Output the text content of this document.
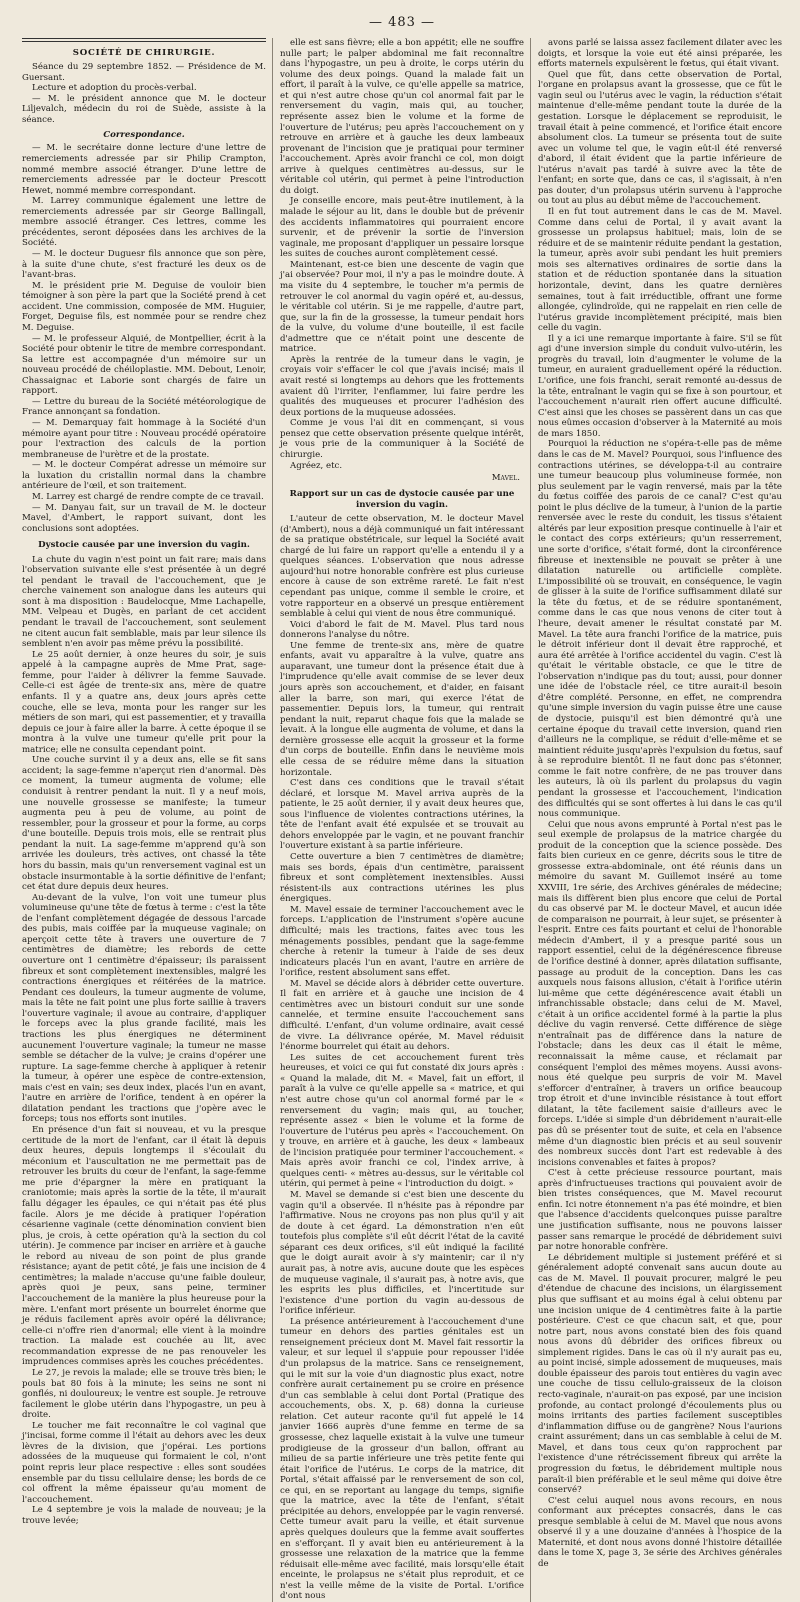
— 483 —
SOCIÉTÉ DE CHIRURGIE.

Séance du 29 septembre 1852. — Présidence de M. Guersant.

Lecture et adoption du procès-verbal.

— M. le président annonce que M. le docteur Liljevalch, médecin du roi de Suède, assiste à la séance.

Correspondance.

— M. le secrétaire donne lecture d'une lettre de remerciements adressée par sir Philip Crampton, nommé membre associé étranger. D'une lettre de remerciements adressée par le docteur Prescott Hewet, nommé membre correspondant.

M. Larrey communique également une lettre de remerciements adressée par sir George Ballingall, membre associé étranger. Ces lettres, comme les précédentes, seront déposées dans les archives de la Société.

— M. le docteur Duguesr fils annonce que son père, à la suite d'une chute, s'est fracturé les deux os de l'avant-bras.

M. le président prie M. Deguise de vouloir bien témoigner à son père la part que la Société prend à cet accident. Une commission, composée de MM. Huguier, Forget, Deguise fils, est nommée pour se rendre chez M. Deguise.

— M. le professeur Alquié, de Montpellier, écrit à la Société pour obtenir le titre de membre correspondant. Sa lettre est accompagnée d'un mémoire sur un nouveau procédé de chéiloplastie. MM. Debout, Lenoir, Chassaignac et Laborie sont chargés de faire un rapport.

— Lettre du bureau de la Société météorologique de France annonçant sa fondation.

— M. Demarquay fait hommage à la Société d'un mémoire ayant pour titre : Nouveau procédé opératoire pour l'extraction des calculs de la portion membraneuse de l'urètre et de la prostate.

— M. le docteur Compérat adresse un mémoire sur la luxation du cristallin normal dans la chambre antérieure de l'œil, et son traitement.

M. Larrey est chargé de rendre compte de ce travail.

— M. Danyau fait, sur un travail de M. le docteur Mavel, d'Ambert, le rapport suivant, dont les conclusions sont adoptées.

Dystocie causée par une inversion du vagin.

La chute du vagin n'est point un fait rare; mais dans l'observation suivante elle s'est présentée à un degré tel pendant le travail de l'accouchement, que je cherche vainement son analogue dans les auteurs qui sont à ma disposition : Baudelocque, Mme Lachapelle, MM. Velpeau et Dugès, en parlant de cet accident pendant le travail de l'accouchement, sont seulement ne citent aucun fait semblable, mais par leur silence ils semblent n'en avoir pas même prévu la possibilité.

Le 25 août dernier, à onze heures du soir, je suis appelé à la campagne auprès de Mme Prat, sage-femme, pour l'aider à délivrer la femme Sauvade. Celle-ci est âgée de trente-six ans, mère de quatre enfants. Il y a quatre ans, deux jours après cette couche, elle se leva, monta pour les ranger sur les métiers de son mari, qui est passementier, et y travailla depuis ce jour à faire aller la barre. À cette époque il se montra à la vulve une tumeur qu'elle prit pour la matrice; elle ne consulta cependant point.

Une couche survint il y a deux ans, elle se fit sans accident; la sage-femme n'aperçut rien d'anormal. Dès ce moment, la tumeur augmenta de volume; elle conduisit à rentrer pendant la nuit. Il y a neuf mois, une nouvelle grossesse se manifeste; la tumeur augmenta peu à peu de volume, au point de ressembler, pour la grosseur et pour la forme, au corps d'une bouteille. Depuis trois mois, elle se rentrait plus pendant la nuit. La sage-femme m'apprend qu'à son arrivée les douleurs, très actives, ont chassé la tête hors du bassin, mais qu'un renversement vaginal est un obstacle insurmontable à la sortie définitive de l'enfant; cet état dure depuis deux heures.

Au-devant de la vulve, l'on voit une tumeur plus volumineuse qu'une tête de fœtus à terme : c'est la tête de l'enfant complètement dégagée de dessous l'arcade des pubis, mais coiffée par la muqueuse vaginale; on aperçoit cette tête à travers une ouverture de 7 centimètres de diamètre; les rebords de cette ouverture ont 1 centimètre d'épaisseur; ils paraissent fibreux et sont complètement inextensibles, malgré les contractions énergiques et réitérées de la matrice. Pendant ces douleurs, la tumeur augmente de volume, mais la tête ne fait point une plus forte saillie à travers l'ouverture vaginale; il avoue au contraire, d'appliquer le forceps avec la plus grande facilité, mais les tractions les plus énergiques ne déterminent aucunement l'ouverture vaginale; la tumeur ne masse semble se détacher de la vulve; je crains d'opérer une rupture. La sage-femme cherche à appliquer à retenir la tumeur, à opérer une espèce de contre-extension, mais c'est en vain; ses deux index, placés l'un en avant, l'autre en arrière de l'orifice, tendent à en opérer la dilatation pendant les tractions que j'opère avec le forceps; tous nos efforts sont inutiles.

En présence d'un fait si nouveau, et vu la presque certitude de la mort de l'enfant, car il était là depuis deux heures, depuis longtemps il s'écoulait du méconium et l'auscultation ne me permettait pas de retrouver les bruits du cœur de l'enfant, la sage-femme me prie d'épargner la mère en pratiquant la craniotomie; mais après la sortie de la tête, il m'aurait fallu dégager les épaules, ce qui n'était pas été plus facile. Alors je me décide à pratiquer l'opération césarienne vaginale (cette dénomination convient bien plus, je crois, à cette opération qu'à la section du col utérin). Je commence par inciser en arrière et à gauche le rebord au niveau de son point de plus grande résistance; ayant de petit côté, je fais une incision de 4 centimètres; la malade n'accuse qu'une faible douleur, après quoi je peux, sans peine, terminer l'accouchement de la manière la plus heureuse pour la mère. L'enfant mort présente un bourrelet énorme que je réduis facilement après avoir opéré la délivrance; celle-ci n'offre rien d'anormal; elle vient à la moindre traction. La malade est couchée au lit, avec recommandation expresse de ne pas renouveler les imprudences commises après les couches précédentes.

Le 27, je revois la malade; elle se trouve très bien; le pouls bat 80 fois à la minute; les seins ne sont ni gonflés, ni douloureux; le ventre est souple. Je retrouve facilement le globe utérin dans l'hypogastre, un peu à droite.

Le toucher me fait reconnaître le col vaginal que j'incisai, forme comme il l'était au dehors avec les deux lèvres de la division, que j'opérai. Les portions adossées de la muqueuse qui formaient le col, n'ont point repris leur place respective : elles sont soudées ensemble par du tissu cellulaire dense; les bords de ce col offrent la même épaisseur qu'au moment de l'accouchement.

Le 4 septembre je vois la malade de nouveau; je la trouve levée;

elle est sans fièvre; elle a bon appétit; elle ne souffre nulle part; le palper abdominal me fait reconnaître dans l'hypogastre, un peu à droite, le corps utérin du volume des deux poings. Quand la malade fait un effort, il paraît à la vulve, ce qu'elle appelle sa matrice, et qui n'est autre chose qu'un col anormal fait par le renversement du vagin, mais qui, au toucher, représente assez bien le volume et la forme de l'ouverture de l'utérus; peu après l'accouchement on y retrouve en arrière et à gauche les deux lambeaux provenant de l'incision que je pratiquai pour terminer l'accouchement. Après avoir franchi ce col, mon doigt arrive à quelques centimètres au-dessus, sur le véritable col utérin, qui permet à peine l'introduction du doigt.

Je conseille encore, mais peut-être inutilement, à la malade le séjour au lit, dans le double but de prévenir des accidents inflammatoires qui pourraient encore survenir, et de prévenir la sortie de l'inversion vaginale, me proposant d'appliquer un pessaire lorsque les suites de couches auront complètement cessé.

Maintenant, est-ce bien une descente de vagin que j'ai observée? Pour moi, il n'y a pas le moindre doute. À ma visite du 4 septembre, le toucher m'a permis de retrouver le col anormal du vagin opéré et, au-dessus, le véritable col utérin. Si je me rappelle, d'autre part, que, sur la fin de la grossesse, la tumeur pendait hors de la vulve, du volume d'une bouteille, il est facile d'admettre que ce n'était point une descente de matrice.

Après la rentrée de la tumeur dans le vagin, je croyais voir s'effacer le col que j'avais incisé; mais il avait resté si longtemps au dehors que les frottements avaient dû l'irriter, l'enflammer, lui faire perdre les qualités des muqueuses et procurer l'adhésion des deux portions de la muqueuse adossées.

Comme je vous l'ai dit en commençant, si vous pensez que cette observation présente quelque intérêt, je vous prie de la communiquer à la Société de chirurgie.

Agréez, etc.

Mavel.

Rapport sur un cas de dystocie causée par une inversion du vagin.

L'auteur de cette observation, M. le docteur Mavel (d'Ambert), nous a déjà communiqué un fait intéressant de sa pratique obstétricale, sur lequel la Société avait chargé de lui faire un rapport qu'elle a entendu il y a quelques séances. L'observation que nous adresse aujourd'hui notre honorable confrère est plus curieuse encore à cause de son extrême rareté. Le fait n'est cependant pas unique, comme il semble le croire, et votre rapporteur en a observé un presque entièrement semblable à celui qui vient de nous être communiqué.

Voici d'abord le fait de M. Mavel. Plus tard nous donnerons l'analyse du nôtre.

Une femme de trente-six ans, mère de quatre enfants, avait vu apparaître à la vulve, quatre ans auparavant, une tumeur dont la présence était due à l'imprudence qu'elle avait commise de se lever deux jours après son accouchement, et d'aider, en faisant aller la barre, son mari, qui exerce l'état de passementier. Depuis lors, la tumeur, qui rentrait pendant la nuit, reparut chaque fois que la malade se levait. À la longue elle augmenta de volume, et dans la dernière grossesse elle acquit la grosseur et la forme d'un corps de bouteille. Enfin dans le neuvième mois elle cessa de se réduire même dans la situation horizontale.

C'est dans ces conditions que le travail s'était déclaré, et lorsque M. Mavel arriva auprès de la patiente, le 25 août dernier, il y avait deux heures que, sous l'influence de violentes contractions utérines, la tête de l'enfant avait été expulsée et se trouvait au dehors enveloppée par le vagin, et ne pouvant franchir l'ouverture existant à sa partie inférieure.

Cette ouverture a bien 7 centimètres de diamètre; mais ses bords, épais d'un centimètre, paraissent fibreux et sont complètement inextensibles. Aussi résistent-ils aux contractions utérines les plus énergiques.

M. Mavel essaie de terminer l'accouchement avec le forceps. L'application de l'instrument s'opère aucune difficulté; mais les tractions, faites avec tous les ménagements possibles, pendant que la sage-femme cherche à retenir la tumeur à l'aide de ses deux indicateurs placés l'un en avant, l'autre en arrière de l'orifice, restent absolument sans effet.

M. Mavel se décide alors à débrider cette ouverture. Il fait en arrière et à gauche une incision de 4 centimètres avec un bistouri conduit sur une sonde cannelée, et termine ensuite l'accouchement sans difficulté. L'enfant, d'un volume ordinaire, avait cessé de vivre. La délivrance opérée, M. Mavel réduisit l'énorme bourrelet qui était au dehors.

Les suites de cet accouchement furent très heureuses, et voici ce qui fut constaté dix jours après : « Quand la malade, dit M. « Mavel, fait un effort, il paraît à la vulve ce qu'elle appelle sa « matrice, et qui n'est autre chose qu'un col anormal formé par le « renversement du vagin; mais qui, au toucher, représente assez « bien le volume et la forme de l'ouverture de l'utérus peu après « l'accouchement. On y trouve, en arrière et à gauche, les deux « lambeaux de l'incision pratiquée pour terminer l'accouchement. « Mais après avoir franchi ce col, l'index arrive, à quelques centi- « mètres au-dessus, sur le véritable col utérin, qui permet à peine « l'introduction du doigt. »

M. Mavel se demande si c'est bien une descente du vagin qu'il a observée. Il n'hésite pas à répondre par l'affirmative. Nous ne croyons pas non plus qu'il y ait de doute à cet égard. La démonstration n'en eût toutefois plus complète s'il eût décrit l'état de la cavité séparant ces deux orifices, s'il eût indiqué la facilité que le doigt aurait avoir à s'y maintenir; car il n'y aurait pas, à notre avis, aucune doute que les espèces de muqueuse vaginale, il s'aurait pas, à notre avis, que les esprits les plus difficiles, et l'incertitude sur l'existence d'une portion du vagin au-dessous de l'orifice inférieur.

La présence antérieurement à l'accouchement d'une tumeur en dehors des parties génitales est un renseignement précieux dont M. Mavel fait ressortir la valeur, et sur lequel il s'appuie pour repousser l'idée d'un prolapsus de la matrice. Sans ce renseignement, qui le mit sur la voie d'un diagnostic plus exact, notre confrère aurait certainement pu se croire en présence d'un cas semblable à celui dont Portal (Pratique des accouchements, obs. X, p. 68) donna la curieuse relation. Cet auteur raconte qu'il fut appelé le 14 janvier 1666 auprès d'une femme en terme de sa grossesse, chez laquelle existait à la vulve une tumeur prodigieuse de la grosseur d'un ballon, offrant au milieu de sa partie inférieure une très petite fente qui était l'orifice de l'utérus. Le corps de la matrice, dit Portal, s'était affaissé par le renversement de son col, ce qui, en se reportant au langage du temps, signifie que la matrice, avec la tête de l'enfant, s'était précipitée au dehors, enveloppée par le vagin renversé. Cette tumeur avait paru la veille, et était survenue après quelques douleurs que la femme avait souffertes en s'efforçant. Il y avait bien eu antérieurement à la grossesse une relaxation de la matrice que la femme réduisait elle-même avec facilité, mais lorsqu'elle était enceinte, le prolapsus ne s'était plus reproduit, et ce n'est la veille même de la visite de Portal. L'orifice d'ont nous

avons parlé se laissa assez facilement dilater avec les doigts, et lorsque la voie eut été ainsi préparée, les efforts maternels expulsèrent le fœtus, qui était vivant.

Quel que fût, dans cette observation de Portal, l'organe en prolapsus avant la grossesse, que ce fût le vagin seul ou l'utérus avec le vagin, la réduction s'était maintenue d'elle-même pendant toute la durée de la gestation. Lorsque le déplacement se reproduisit, le travail était à peine commencé, et l'orifice était encore absolument clos. La tumeur se présenta tout de suite avec un volume tel que, le vagin eût-il été renversé d'abord, il était évident que la partie inférieure de l'utérus n'avait pas tardé à suivre avec la tête de l'enfant; en sorte que, dans ce cas, il s'agissait, à n'en pas douter, d'un prolapsus utérin survenu à l'approche ou tout au plus au début même de l'accouchement.

Il en fut tout autrement dans le cas de M. Mavel. Comme dans celui de Portal, il y avait avant la grossesse un prolapsus habituel; mais, loin de se réduire et de se maintenir réduite pendant la gestation, la tumeur, après avoir subi pendant les huit premiers mois ses alternatives ordinaires de sortie dans la station et de réduction spontanée dans la situation horizontale, devint, dans les quatre dernières semaines, tout à fait irréductible, offrant une forme allongée, cylindroïde, qui ne rappelait en rien celle de l'utérus gravide incomplètement précipité, mais bien celle du vagin.

Il y a ici une remarque importante à faire. S'il se fût agi d'une inversion simple du conduit vulvo-utérin, les progrès du travail, loin d'augmenter le volume de la tumeur, en auraient graduellement opéré la réduction. L'orifice, une fois franchi, serait remonté au-dessus de la tête, entraînant le vagin qui se fixe à son pourtour, et l'accouchement n'aurait rien offert aucune difficulté. C'est ainsi que les choses se passèrent dans un cas que nous eûmes occasion d'observer à la Maternité au mois de mars 1850.

Pourquoi la réduction ne s'opéra-t-elle pas de même dans le cas de M. Mavel? Pourquoi, sous l'influence des contractions utérines, se développa-t-il au contraire une tumeur beaucoup plus volumineuse formée, non plus seulement par le vagin renversé, mais par la tête du fœtus coiffée des parois de ce canal? C'est qu'au point le plus déclive de la tumeur, à l'union de la partie renversée avec le reste du conduit, les tissus s'étaient altérés par leur exposition presque continuelle à l'air et le contact des corps extérieurs; qu'un resserrement, une sorte d'orifice, s'était formé, dont la circonférence fibreuse et inextensible ne pouvait se prêter à une dilatation naturelle ou artificielle complète. L'impossibilité où se trouvait, en conséquence, le vagin de glisser à la suite de l'orifice suffisamment dilaté sur la tête du fœtus, et de se réduire spontanément, comme dans le cas que nous venons de citer tout à l'heure, devait amener le résultat constaté par M. Mavel. La tête aura franchi l'orifice de la matrice, puis le détroit inférieur dont il devait être rapproché, et aura été arrêtée à l'orifice accidentel du vagin. C'est là qu'était le véritable obstacle, ce que le titre de l'observation n'indique pas du tout; aussi, pour donner une idée de l'obstacle réel, ce titre aurait-il besoin d'être complété. Personne, en effet, ne comprendra qu'une simple inversion du vagin puisse être une cause de dystocie, puisqu'il est bien démontré qu'à une certaine époque du travail cette inversion, quand rien d'ailleurs ne la complique, se réduit d'elle-même et se maintient réduite jusqu'après l'expulsion du fœtus, sauf à se reproduire bientôt. Il ne faut donc pas s'étonner, comme le fait notre confrère, de ne pas trouver dans les auteurs, là où ils parlent du prolapsus du vagin pendant la grossesse et l'accouchement, l'indication des difficultés qui se sont offertes à lui dans le cas qu'il nous communique.

Celui que nous avons emprunté à Portal n'est pas le seul exemple de prolapsus de la matrice chargée du produit de la conception que la science possède. Des faits bien curieux en ce genre, décrits sous le titre de grossesse extra-abdominale, ont été réunis dans un mémoire du savant M. Guillemot inséré au tome XXVIII, 1re série, des Archives générales de médecine; mais ils diffèrent bien plus encore que celui de Portal du cas observé par M. le docteur Mavel, et aucun idée de comparaison ne pourrait, à leur sujet, se présenter à l'esprit. Entre ces faits pourtant et celui de l'honorable médecin d'Ambert, il y a presque parité sous un rapport essentiel, celui de la dégénérescence fibreuse de l'orifice destiné à donner, après dilatation suffisante, passage au produit de la conception. Dans les cas auxquels nous faisons allusion, c'était à l'orifice utérin lui-même que cette dégénérescence avait établi un infranchissable obstacle; dans celui de M. Mavel, c'était à un orifice accidentel formé à la partie la plus déclive du vagin renversé. Cette différence de siège n'entraînait pas de différence dans la nature de l'obstacle; dans les deux cas il était le même, reconnaissait la même cause, et réclamait par conséquent l'emploi des mêmes moyens. Aussi avons-nous été quelque peu surpris de voir M. Mavel s'efforcer d'entraîner, à travers un orifice beaucoup trop étroit et d'une invincible résistance à tout effort dilatant, la tête facilement saisie d'ailleurs avec le forceps. L'idée si simple d'un débridement n'aurait-elle pas dû se présenter tout de suite, et cela en l'absence même d'un diagnostic bien précis et au seul souvenir des nombreux succès dont l'art est redevable à des incisions convenables et faites à propos?

C'est à cette précieuse ressource pourtant, mais après d'infructueuses tractions qui pouvaient avoir de bien tristes conséquences, que M. Mavel recourut enfin. Ici notre étonnement n'a pas été moindre, et bien que l'absence d'accidents quelconques puisse paraître une justification suffisante, nous ne pouvons laisser passer sans remarque le procédé de débridement suivi par notre honorable confrère.

Le débridement multiple si justement préféré et si généralement adopté convenait sans aucun doute au cas de M. Mavel. Il pouvait procurer, malgré le peu d'étendue de chacune des incisions, un élargissement plus que suffisant et au moins égal à celui obtenu par une incision unique de 4 centimètres faite à la partie postérieure. C'est ce que chacun sait, et que, pour notre part, nous avons constaté bien des fois quand nous avons dû débrider des orifices fibreux ou simplement rigides. Dans le cas où il n'y aurait pas eu, au point incisé, simple adossement de muqueuses, mais double épaisseur des parois tout entières du vagin avec une couche de tissu cellulo-graisseux de la cloison recto-vaginale, n'aurait-on pas exposé, par une incision profonde, au contact prolongé d'écoulements plus ou moins irritants des parties facilement susceptibles d'inflammation diffuse ou de gangrène? Nous l'aurions craint assurément; dans un cas semblable à celui de M. Mavel, et dans tous ceux qu'on rapprochent par l'existence d'une rétrécissement fibreux qui arrête la progression du fœtus, le débridement multiple nous paraît-il bien préférable et le seul même qui doive être conservé?

C'est celui auquel nous avons recours, en nous conformant aux préceptes consacrés, dans le cas presque semblable à celui de M. Mavel que nous avons observé il y a une douzaine d'années à l'hospice de la Maternité, et dont nous avons donné l'histoire détaillée dans le tome X, page 3, 3e série des Archives générales de
